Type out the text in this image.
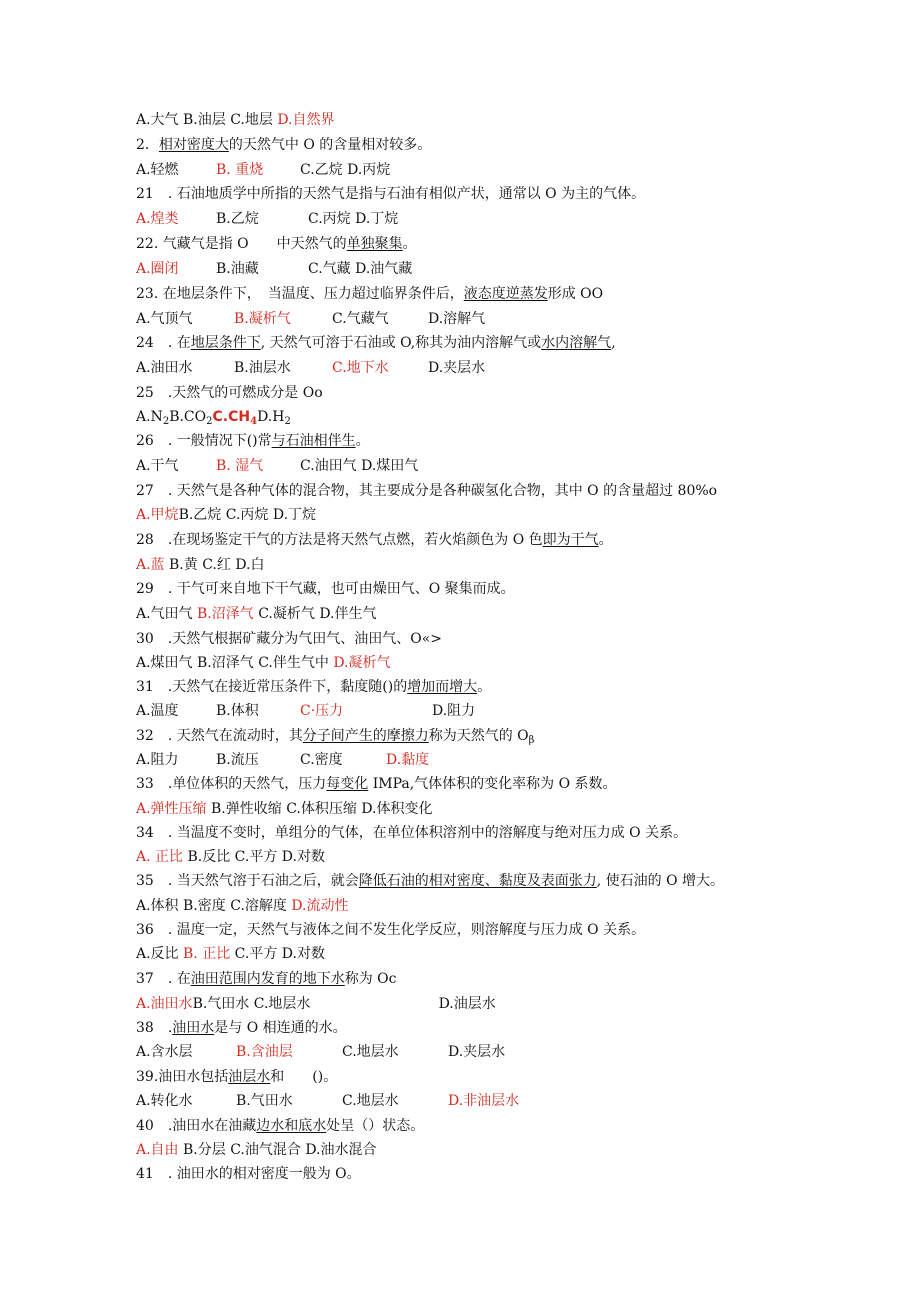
A.大气 B.油层 C.地层 D.自然界
2．相对密度大的天然气中 O 的含量相对较多。
A.轻燃	B. 重烧	C.乙烷 D.丙烷
21　. 石油地质学中所指的天然气是指与石油有相似产状，通常以 O 为主的气体。
A.煌类	B.乙烷	C.丙烷 D.丁烷
22. 气藏气是指 O　　中天然气的单独聚集。
A.圈闭	B.油藏	C.气藏 D.油气藏
23. 在地层条件下，　当温度、压力超过临界条件后，液态度逆蒸发形成 OO
A.气顶气	B.凝析气	C.气藏气	D.溶解气
24　. 在地层条件下, 天然气可溶于石油或 O,称其为油内溶解气或水内溶解气,
A.油田水	B.油层水	C.地下水	D.夹层水
25　.天然气的可燃成分是 Oo
$A.N_2B.CO_2C.CH_4D.H_2$
26　. 一般情况下()常与石油相伴生。
A.干气	B. 湿气	C.油田气 D.煤田气
27　. 天然气是各种气体的混合物，其主要成分是各种碳氢化合物，其中 O 的含量超过 80%o
A.甲烷B.乙烷 C.丙烷 D.丁烷
28　.在现场鉴定干气的方法是将天然气点燃，若火焰颜色为 O 色即为干气。
A.蓝 B.黄 C.红 D.白
29　. 干气可来自地下干气藏，也可由燥田气、O 聚集而成。
A.气田气 B.沼泽气 C.凝析气 D.伴生气
30　.天然气根据矿藏分为气田气、油田气、O«>
A.煤田气 B.沼泽气 C.伴生气中 D.凝析气
31　.天然气在接近常压条件下，黏度随()的增加而增大。
A.温度	B.体积	C·压力	D.阻力
32　. 天然气在流动时，其分子间产生的摩擦力称为天然气的 $O_\beta$
A.阻力	B.流压	C.密度	D.黏度
33　.单位体积的天然气，压力每变化 IMPa,气体体积的变化率称为 O 系数。
A.弹性压缩 B.弹性收缩 C.体积压缩 D.体积变化
34　. 当温度不变时，单组分的气体，在单位体积溶剂中的溶解度与绝对压力成 O 关系。
A. 正比 B.反比 C.平方 D.对数
35　. 当天然气溶于石油之后，就会降低石油的相对密度、黏度及表面张力, 使石油的 O 增大。
A.体积 B.密度 C.溶解度 D.流动性
36　. 温度一定，天然气与液体之间不发生化学反应，则溶解度与压力成 O 关系。
A.反比 B. 正比 C.平方 D.对数
37　. 在油田范围内发育的地下水称为 Oc
A.油田水B.气田水 C.地层水	D.油层水
38　.油田水是与 O 相连通的水。
A.含水层	B.含油层	C.地层水	D.夹层水
39.油田水包括油层水和　　()。
A.转化水	B.气田水	C.地层水	D.非油层水
40　.油田水在油藏边水和底水处呈（）状态。
A.自由 B.分层 C.油气混合 D.油水混合
41　. 油田水的相对密度一般为 O。
